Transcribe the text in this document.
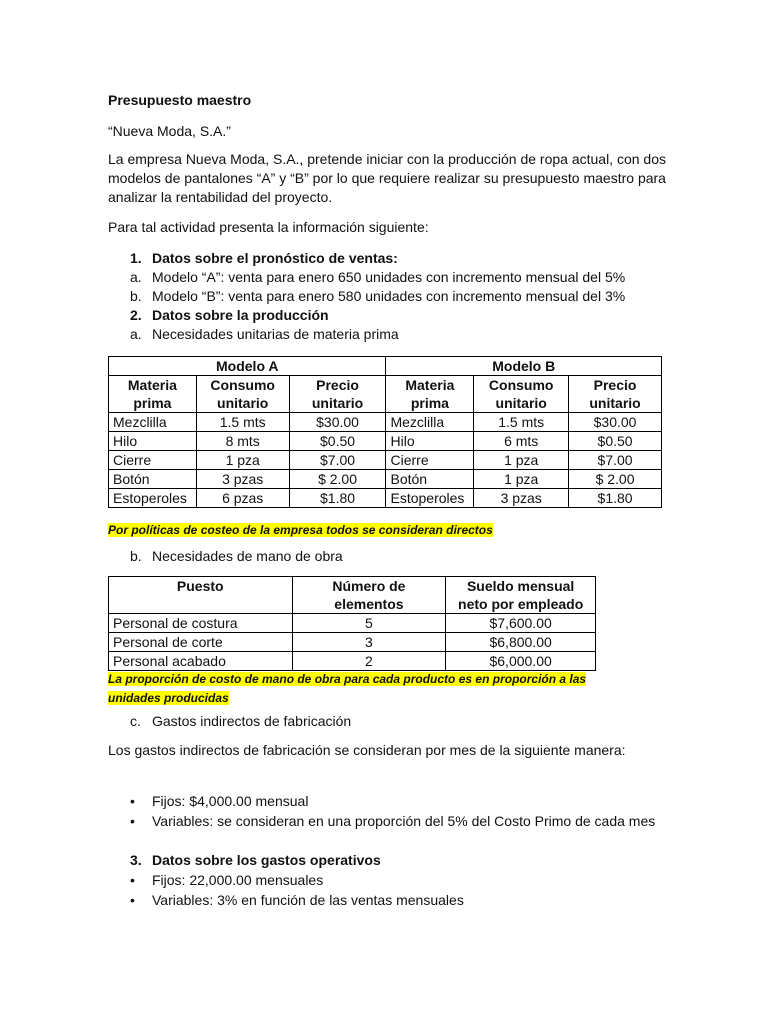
Presupuesto maestro
“Nueva Moda, S.A.”

La empresa Nueva Moda, S.A., pretende iniciar con la producción de ropa actual, con dos modelos de pantalones “A” y “B” por lo que requiere realizar su presupuesto maestro para analizar la rentabilidad del proyecto.

Para tal actividad presenta la información siguiente:
1. Datos sobre el pronóstico de ventas:
a. Modelo “A”: venta para enero 650 unidades con incremento mensual del 5%
b. Modelo “B”: venta para enero 580 unidades con incremento mensual del 3%
2. Datos sobre la producción
a. Necesidades unitarias de materia prima
Modelo A			Modelo B		
Materia prima	Consumo unitario	Precio unitario	Materia prima	Consumo unitario	Precio unitario
Mezclilla	1.5 mts	$30.00	Mezclilla	1.5 mts	$30.00
Hilo	8 mts	$0.50	Hilo	6 mts	$0.50
Cierre	1 pza	$7.00	Cierre	1 pza	$7.00
Botón	3 pzas	$ 2.00	Botón	1 pza	$ 2.00
Estoperoles	6 pzas	$1.80	Estoperoles	3 pzas	$1.80
Por políticas de costeo de la empresa todos se consideran directos
b. Necesidades de mano de obra
Puesto	Número de elementos	Sueldo mensual neto por empleado
Personal de costura	5	$7,600.00
Personal de corte	3	$6,800.00
Personal acabado	2	$6,000.00
La proporción de costo de mano de obra para cada producto es en proporción a las unidades producidas
c. Gastos indirectos de fabricación
Los gastos indirectos de fabricación se consideran por mes de la siguiente manera:
• Fijos: $4,000.00 mensual
• Variables: se consideran en una proporción del 5% del Costo Primo de cada mes
3. Datos sobre los gastos operativos
• Fijos: 22,000.00 mensuales
• Variables: 3% en función de las ventas mensuales
